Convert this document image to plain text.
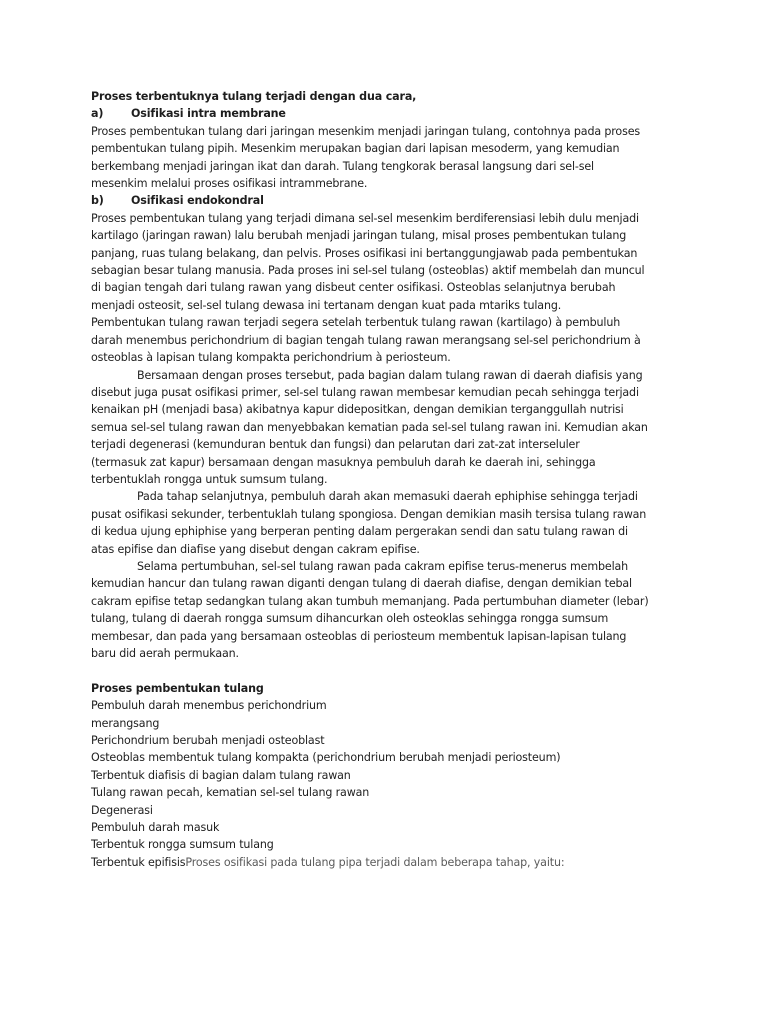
Proses terbentuknya tulang terjadi dengan dua cara,
a)	Osifikasi intra membrane
Proses pembentukan tulang dari jaringan mesenkim menjadi jaringan tulang, contohnya pada proses
pembentukan tulang pipih. Mesenkim merupakan bagian dari lapisan mesoderm, yang kemudian
berkembang menjadi jaringan ikat dan darah. Tulang tengkorak berasal langsung dari sel-sel
mesenkim melalui proses osifikasi intrammebrane.
b)	Osifikasi endokondral
Proses pembentukan tulang yang terjadi dimana sel-sel mesenkim berdiferensiasi lebih dulu menjadi
kartilago (jaringan rawan) lalu berubah menjadi jaringan tulang, misal proses pembentukan tulang
panjang, ruas tulang belakang, dan pelvis. Proses osifikasi ini bertanggungjawab pada pembentukan
sebagian besar tulang manusia. Pada proses ini sel-sel tulang (osteoblas) aktif membelah dan muncul
di bagian tengah dari tulang rawan yang disbeut center osifikasi. Osteoblas selanjutnya berubah
menjadi osteosit, sel-sel tulang dewasa ini tertanam dengan kuat pada mtariks tulang.
Pembentukan tulang rawan terjadi segera setelah terbentuk tulang rawan (kartilago) à pembuluh
darah menembus perichondrium di bagian tengah tulang rawan merangsang sel-sel perichondrium à
osteoblas à lapisan tulang kompakta perichondrium à periosteum.
Bersamaan dengan proses tersebut, pada bagian dalam tulang rawan di daerah diafisis yang
disebut juga pusat osifikasi primer, sel-sel tulang rawan membesar kemudian pecah sehingga terjadi
kenaikan pH (menjadi basa) akibatnya kapur didepositkan, dengan demikian terganggullah nutrisi
semua sel-sel tulang rawan dan menyebbakan kematian pada sel-sel tulang rawan ini. Kemudian akan
terjadi degenerasi (kemunduran bentuk dan fungsi) dan pelarutan dari zat-zat interseluler
(termasuk zat kapur) bersamaan dengan masuknya pembuluh darah ke daerah ini, sehingga
terbentuklah rongga untuk sumsum tulang.
Pada tahap selanjutnya, pembuluh darah akan memasuki daerah ephiphise sehingga terjadi
pusat osifikasi sekunder, terbentuklah tulang spongiosa. Dengan demikian masih tersisa tulang rawan
di kedua ujung ephiphise yang berperan penting dalam pergerakan sendi dan satu tulang rawan di
atas epifise dan diafise yang disebut dengan cakram epifise.
Selama pertumbuhan, sel-sel tulang rawan pada cakram epifise terus-menerus membelah
kemudian hancur dan tulang rawan diganti dengan tulang di daerah diafise, dengan demikian tebal
cakram epifise tetap sedangkan tulang akan tumbuh memanjang. Pada pertumbuhan diameter (lebar)
tulang, tulang di daerah rongga sumsum dihancurkan oleh osteoklas sehingga rongga sumsum
membesar, dan pada yang bersamaan osteoblas di periosteum membentuk lapisan-lapisan tulang
baru did aerah permukaan.
Proses pembentukan tulang
Pembuluh darah menembus perichondrium
merangsang
Perichondrium berubah menjadi osteoblast
Osteoblas membentuk tulang kompakta (perichondrium berubah menjadi periosteum)
Terbentuk diafisis di bagian dalam tulang rawan
Tulang rawan pecah, kematian sel-sel tulang rawan
Degenerasi
Pembuluh darah masuk
Terbentuk rongga sumsum tulang
Terbentuk epifisisProses osifikasi pada tulang pipa terjadi dalam beberapa tahap, yaitu:
